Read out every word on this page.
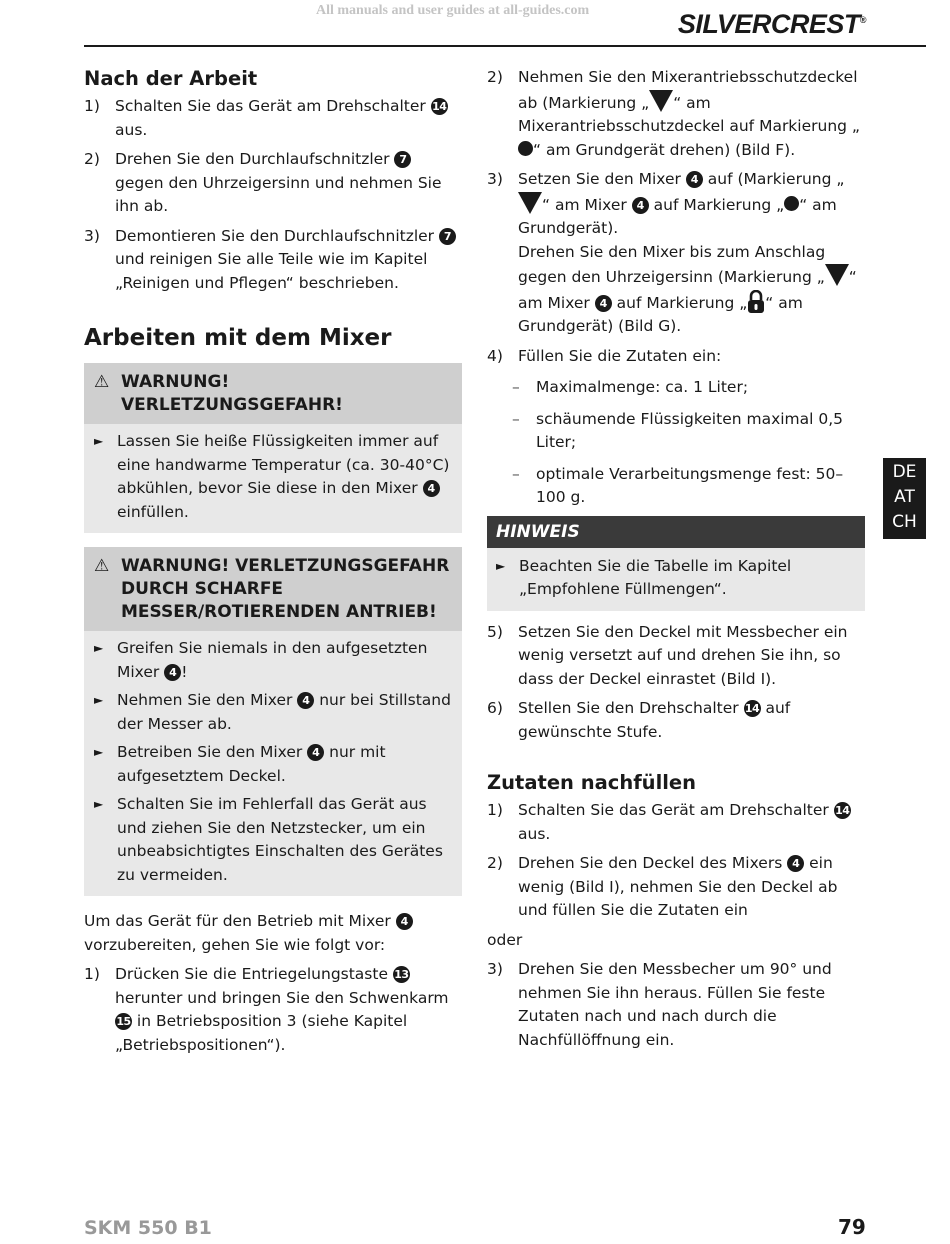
All manuals and user guides at all-guides.com	SILVERCREST®
Nach der Arbeit
1) Schalten Sie das Gerät am Drehschalter 14 aus.
2) Drehen Sie den Durchlaufschnitzler 7 gegen den Uhrzeigersinn und nehmen Sie ihn ab.
3) Demontieren Sie den Durchlaufschnitzler 7 und reinigen Sie alle Teile wie im Kapitel „Reinigen und Pflegen“ beschrieben.
Arbeiten mit dem Mixer
⚠ WARNUNG! VERLETZUNGSGEFAHR!
► Lassen Sie heiße Flüssigkeiten immer auf eine handwarme Temperatur (ca. 30-40°C) abkühlen, bevor Sie diese in den Mixer 4 einfüllen.
⚠ WARNUNG! VERLETZUNGSGEFAHR DURCH SCHARFE MESSER/ROTIERENDEN ANTRIEB!
► Greifen Sie niemals in den aufgesetzten Mixer 4 !
► Nehmen Sie den Mixer 4 nur bei Stillstand der Messer ab.
► Betreiben Sie den Mixer 4 nur mit aufgesetztem Deckel.
► Schalten Sie im Fehlerfall das Gerät aus und ziehen Sie den Netzstecker, um ein unbeabsichtigtes Einschalten des Gerätes zu vermeiden.

Um das Gerät für den Betrieb mit Mixer 4 vorzubereiten, gehen Sie wie folgt vor:

1) Drücken Sie die Entriegelungstaste 13 herunter und bringen Sie den Schwenkarm 15 in Betriebsposition 3 (siehe Kapitel „Betriebspositionen“).
2) Nehmen Sie den Mixerantriebsschutzdeckel ab (Markierung „ “ am Mixerantriebsschutzdeckel auf Markierung „“ am Grundgerät drehen) (Bild F).
3) Setzen Sie den Mixer 4 auf (Markierung „“ am Mixer 4 auf Markierung „ “ am Grundgerät).
Drehen Sie den Mixer bis zum Anschlag gegen den Uhrzeigersinn (Markierung „ “ am Mixer 4 auf Markierung „ “ am Grundgerät) (Bild G).
4) Füllen Sie die Zutaten ein:
–	Maximalmenge: ca. 1 Liter;
–	schäumende Flüssigkeiten maximal 0,5 Liter;
–	optimale Verarbeitungsmenge fest: 50–100 g.
HINWEIS
► Beachten Sie die Tabelle im Kapitel „Empfohlene Füllmengen“.
5) Setzen Sie den Deckel mit Messbecher ein wenig versetzt auf und drehen Sie ihn, so dass der Deckel einrastet (Bild I).
6) Stellen Sie den Drehschalter 14 auf gewünschte Stufe.
Zutaten nachfüllen
1) Schalten Sie das Gerät am Drehschalter 14 aus.
2) Drehen Sie den Deckel des Mixers 4 ein wenig (Bild I), nehmen Sie den Deckel ab und füllen Sie die Zutaten ein

oder

3) Drehen Sie den Messbecher um 90° und nehmen Sie ihn heraus. Füllen Sie feste Zutaten nach und nach durch die Nachfüllöffnung ein.
DE
AT
CH
SKM 550 B1	79
